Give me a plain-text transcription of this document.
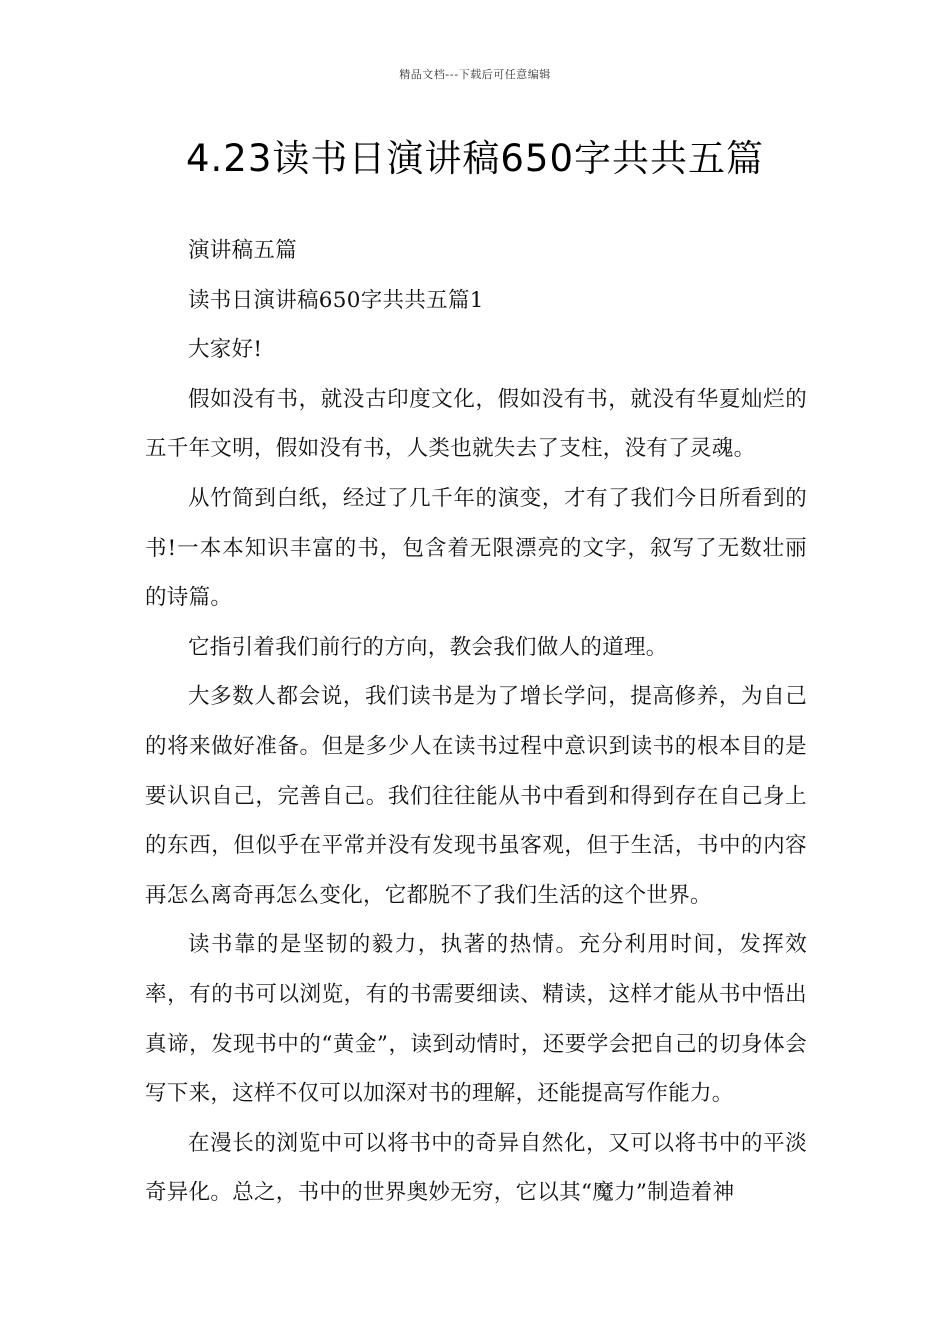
精品文档---下载后可任意编辑
4.23读书日演讲稿650字共共五篇

演讲稿五篇

读书日演讲稿650字共共五篇1

大家好!

假如没有书，就没古印度文化，假如没有书，就没有华夏灿烂的五千年文明，假如没有书，人类也就失去了支柱，没有了灵魂。

从竹简到白纸，经过了几千年的演变，才有了我们今日所看到的书!一本本知识丰富的书，包含着无限漂亮的文字，叙写了无数壮丽的诗篇。

它指引着我们前行的方向，教会我们做人的道理。

大多数人都会说，我们读书是为了增长学问，提高修养，为自己的将来做好准备。但是多少人在读书过程中意识到读书的根本目的是要认识自己，完善自己。我们往往能从书中看到和得到存在自己身上的东西，但似乎在平常并没有发现书虽客观，但于生活，书中的内容再怎么离奇再怎么变化，它都脱不了我们生活的这个世界。

读书靠的是坚韧的毅力，执著的热情。充分利用时间，发挥效率，有的书可以浏览，有的书需要细读、精读，这样才能从书中悟出真谛，发现书中的“黄金”，读到动情时，还要学会把自己的切身体会写下来，这样不仅可以加深对书的理解，还能提高写作能力。

在漫长的浏览中可以将书中的奇异自然化，又可以将书中的平淡奇异化。总之，书中的世界奥妙无穷，它以其“魔力”制造着神
